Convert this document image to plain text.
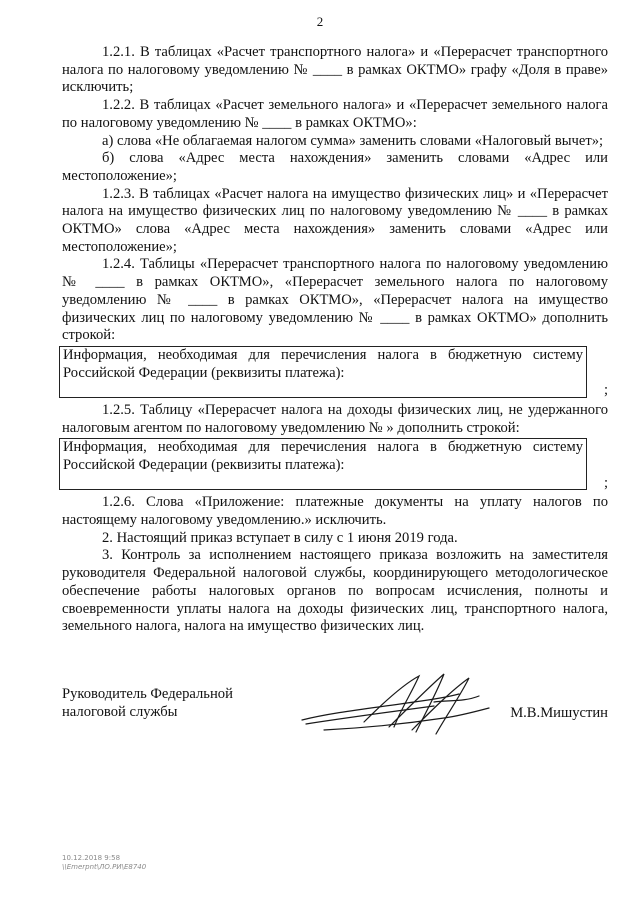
2

1.2.1. В таблицах «Расчет транспортного налога» и «Перерасчет транспортного налога по налоговому уведомлению № ____ в рамках ОКТМО» графу «Доля в праве» исключить;

1.2.2. В таблицах «Расчет земельного налога» и «Перерасчет земельного налога по налоговому уведомлению № ____ в рамках ОКТМО»:

а) слова «Не облагаемая налогом сумма» заменить словами «Налоговый вычет»;

б) слова «Адрес места нахождения» заменить словами «Адрес или местоположение»;

1.2.3. В таблицах «Расчет налога на имущество физических лиц» и «Перерасчет налога на имущество физических лиц по налоговому уведомлению № ____ в рамках ОКТМО» слова «Адрес места нахождения» заменить словами «Адрес или местоположение»;

1.2.4. Таблицы «Перерасчет транспортного налога по налоговому уведомлению № ____ в рамках ОКТМО», «Перерасчет земельного налога по налоговому уведомлению № ____ в рамках ОКТМО», «Перерасчет налога на имущество физических лиц по налоговому уведомлению № ____ в рамках ОКТМО» дополнить строкой:

Информация, необходимая для перечисления налога в бюджетную систему Российской Федерации (реквизиты платежа):

;

1.2.5. Таблицу «Перерасчет налога на доходы физических лиц, не удержанного налоговым агентом по налоговому уведомлению № » дополнить строкой:

Информация, необходимая для перечисления налога в бюджетную систему Российской Федерации (реквизиты платежа):

;

1.2.6. Слова «Приложение: платежные документы на уплату налогов по настоящему налоговому уведомлению.» исключить.

2. Настоящий приказ вступает в силу с 1 июня 2019 года.

3. Контроль за исполнением настоящего приказа возложить на заместителя руководителя Федеральной налоговой службы, координирующего методологическое обеспечение работы налоговых органов по вопросам исчисления, полноты и своевременности уплаты налога на доходы физических лиц, транспортного налога, земельного налога, налога на имущество физических лиц.

Руководитель Федеральной
налоговой службы	М.В.Мишустин
10.12.2018 9:58
\\Emerpnt\ЛО.РИ\E8740
